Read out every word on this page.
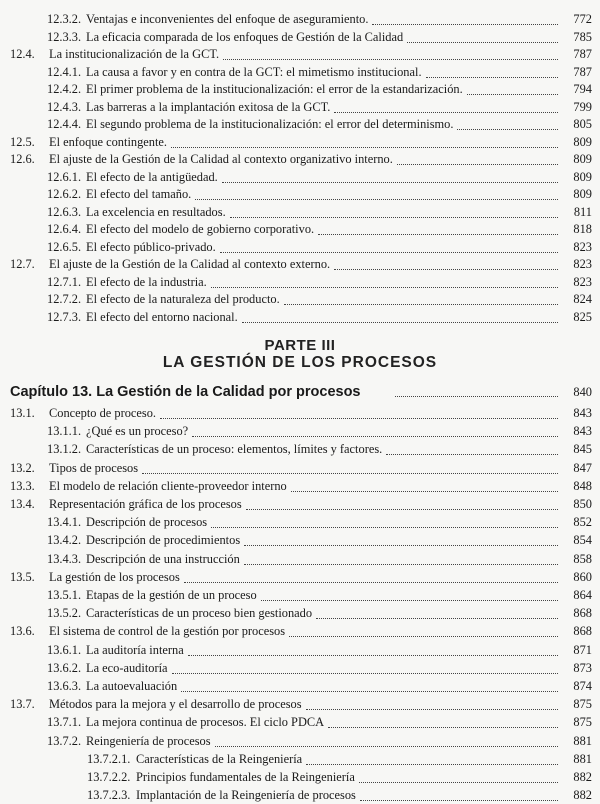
12.3.2. Ventajas e inconvenientes del enfoque de aseguramiento.	772
12.3.3. La eficacia comparada de los enfoques de Gestión de la Calidad	785
12.4. La institucionalización de la GCT.	787
12.4.1. La causa a favor y en contra de la GCT: el mimetismo institucional.	787
12.4.2. El primer problema de la institucionalización: el error de la estandarización.	794
12.4.3. Las barreras a la implantación exitosa de la GCT.	799
12.4.4. El segundo problema de la institucionalización: el error del determinismo.	805
12.5. El enfoque contingente.	809
12.6. El ajuste de la Gestión de la Calidad al contexto organizativo interno.	809
12.6.1. El efecto de la antigüedad.	809
12.6.2. El efecto del tamaño.	809
12.6.3. La excelencia en resultados.	811
12.6.4. El efecto del modelo de gobierno corporativo.	818
12.6.5. El efecto público-privado.	823
12.7. El ajuste de la Gestión de la Calidad al contexto externo.	823
12.7.1. El efecto de la industria.	823
12.7.2. El efecto de la naturaleza del producto.	824
12.7.3. El efecto del entorno nacional.	825
PARTE III
LA GESTIÓN DE LOS PROCESOS
Capítulo 13. La Gestión de la Calidad por procesos	840
13.1. Concepto de proceso.	843
13.1.1. ¿Qué es un proceso?	843
13.1.2. Características de un proceso: elementos, límites y factores.	845
13.2. Tipos de procesos	847
13.3. El modelo de relación cliente-proveedor interno	848
13.4. Representación gráfica de los procesos	850
13.4.1. Descripción de procesos	852
13.4.2. Descripción de procedimientos	854
13.4.3. Descripción de una instrucción	858
13.5. La gestión de los procesos	860
13.5.1. Etapas de la gestión de un proceso	864
13.5.2. Características de un proceso bien gestionado	868
13.6. El sistema de control de la gestión por procesos	868
13.6.1. La auditoría interna	871
13.6.2. La eco-auditoría	873
13.6.3. La autoevaluación	874
13.7. Métodos para la mejora y el desarrollo de procesos	875
13.7.1. La mejora continua de procesos. El ciclo PDCA	875
13.7.2. Reingeniería de procesos	881
13.7.2.1. Características de la Reingeniería	881
13.7.2.2. Principios fundamentales de la Reingeniería	882
13.7.2.3. Implantación de la Reingeniería de procesos	882
